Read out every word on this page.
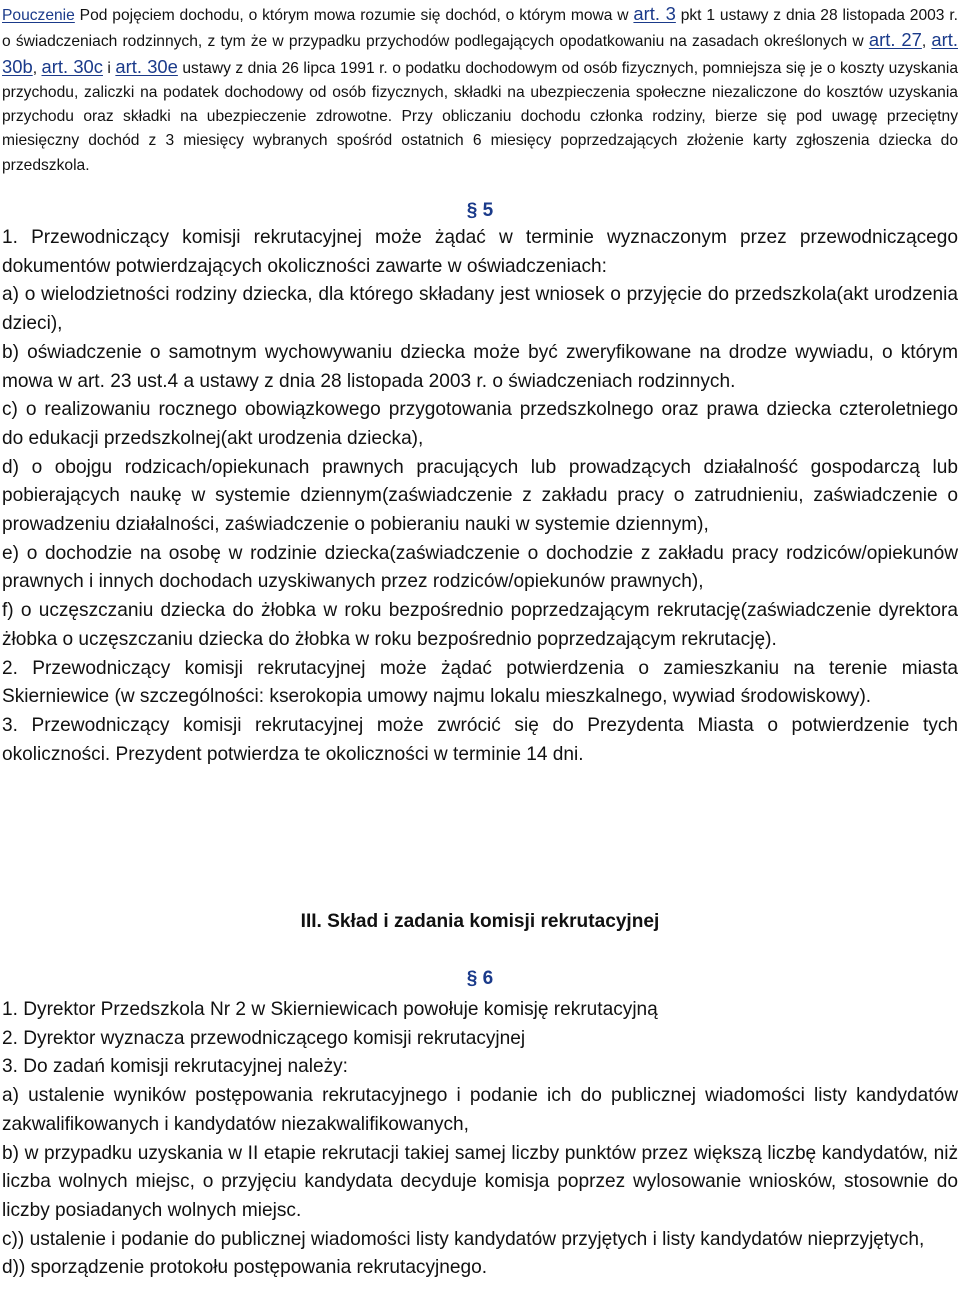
Pouczenie Pod pojęciem dochodu, o którym mowa rozumie się dochód, o którym mowa w art. 3 pkt 1 ustawy z dnia 28 listopada 2003 r. o świadczeniach rodzinnych, z tym że w przypadku przychodów podlegających opodatkowaniu na zasadach określonych w art. 27, art. 30b, art. 30c i art. 30e ustawy z dnia 26 lipca 1991 r. o podatku dochodowym od osób fizycznych, pomniejsza się je o koszty uzyskania przychodu, zaliczki na podatek dochodowy od osób fizycznych, składki na ubezpieczenia społeczne niezaliczone do kosztów uzyskania przychodu oraz składki na ubezpieczenie zdrowotne. Przy obliczaniu dochodu członka rodziny, bierze się pod uwagę przeciętny miesięczny dochód z 3 miesięcy wybranych spośród ostatnich 6 miesięcy poprzedzających złożenie karty zgłoszenia dziecka do przedszkola.

§ 5

1. Przewodniczący komisji rekrutacyjnej może żądać w terminie wyznaczonym przez przewodniczącego dokumentów potwierdzających okoliczności zawarte w oświadczeniach:

a) o wielodzietności rodziny dziecka, dla którego składany jest wniosek o przyjęcie do przedszkola(akt urodzenia dzieci),

b) oświadczenie o samotnym wychowywaniu dziecka może być zweryfikowane na drodze wywiadu, o którym mowa w art. 23 ust.4 a ustawy z dnia 28 listopada 2003 r. o świadczeniach rodzinnych.

c) o realizowaniu rocznego obowiązkowego przygotowania przedszkolnego oraz prawa dziecka czteroletniego do edukacji przedszkolnej(akt urodzenia dziecka),

d) o obojgu rodzicach/opiekunach prawnych pracujących lub prowadzących działalność gospodarczą lub pobierających naukę w systemie dziennym(zaświadczenie z zakładu pracy o zatrudnieniu, zaświadczenie o prowadzeniu działalności, zaświadczenie o pobieraniu nauki w systemie dziennym),

e) o dochodzie na osobę w rodzinie dziecka(zaświadczenie o dochodzie z zakładu pracy rodziców/opiekunów prawnych i innych dochodach uzyskiwanych przez rodziców/opiekunów prawnych),

f) o uczęszczaniu dziecka do żłobka w roku bezpośrednio poprzedzającym rekrutację(zaświadczenie dyrektora żłobka o uczęszczaniu dziecka do żłobka w roku bezpośrednio poprzedzającym rekrutację).

2. Przewodniczący komisji rekrutacyjnej może żądać potwierdzenia o zamieszkaniu na terenie miasta Skierniewice (w szczególności: kserokopia umowy najmu lokalu mieszkalnego, wywiad środowiskowy).

3. Przewodniczący komisji rekrutacyjnej może zwrócić się do Prezydenta Miasta o potwierdzenie tych okoliczności. Prezydent potwierdza te okoliczności w terminie 14 dni.

III. Skład i zadania komisji rekrutacyjnej

§ 6

1. Dyrektor Przedszkola Nr 2 w Skierniewicach powołuje komisję rekrutacyjną

2. Dyrektor wyznacza przewodniczącego komisji rekrutacyjnej

3. Do zadań komisji rekrutacyjnej należy:

a) ustalenie wyników postępowania rekrutacyjnego i podanie ich do publicznej wiadomości listy kandydatów zakwalifikowanych i kandydatów niezakwalifikowanych,

b) w przypadku uzyskania w II etapie rekrutacji takiej samej liczby punktów przez większą liczbę kandydatów, niż liczba wolnych miejsc, o przyjęciu kandydata decyduje komisja poprzez wylosowanie wniosków, stosownie do liczby posiadanych wolnych miejsc.

c)) ustalenie i podanie do publicznej wiadomości listy kandydatów przyjętych i listy kandydatów nieprzyjętych,

d)) sporządzenie protokołu postępowania rekrutacyjnego.
